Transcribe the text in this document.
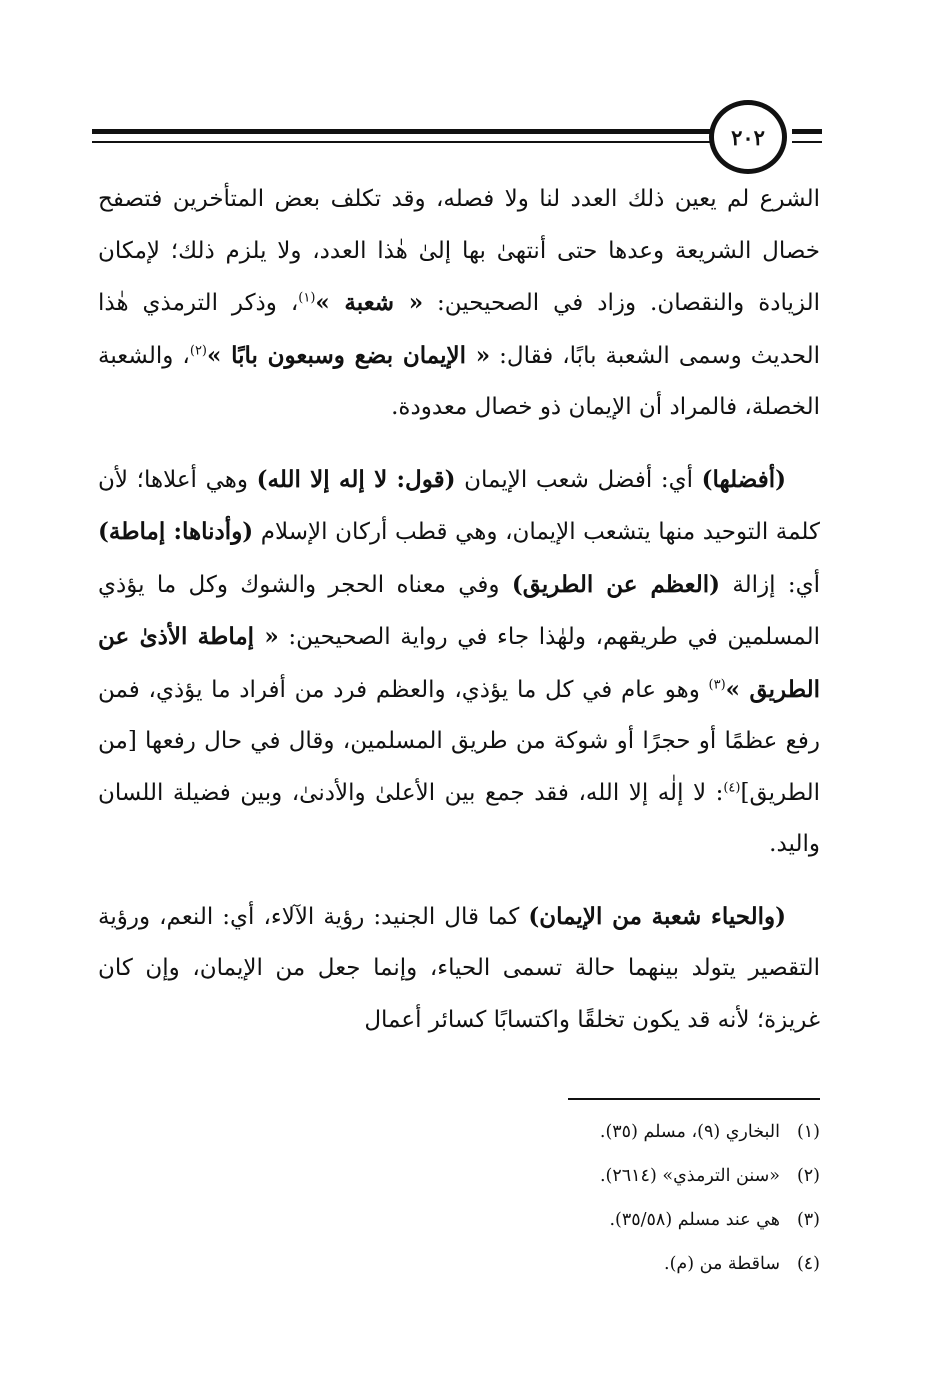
٢٠٢

الشرع لم يعين ذلك العدد لنا ولا فصله، وقد تكلف بعض المتأخرين فتصفح خصال الشريعة وعدها حتى أنتهىٰ بها إلىٰ هٰذا العدد، ولا يلزم ذلك؛ لإمكان الزيادة والنقصان. وزاد في الصحيحين: « شعبة »$^{(١)}$، وذكر الترمذي هٰذا الحديث وسمى الشعبة بابًا، فقال: « الإيمان بضع وسبعون بابًا »$^{(٢)}$، والشعبة الخصلة، فالمراد أن الإيمان ذو خصال معدودة.

(أفضلها) أي: أفضل شعب الإيمان (قول: لا إله إلا الله) وهي أعلاها؛ لأن كلمة التوحيد منها يتشعب الإيمان، وهي قطب أركان الإسلام (وأدناها: إماطة) أي: إزالة (العظم عن الطريق) وفي معناه الحجر والشوك وكل ما يؤذي المسلمين في طريقهم، ولهٰذا جاء في رواية الصحيحين: « إماطة الأذىٰ عن الطريق »$^{(٣)}$ وهو عام في كل ما يؤذي، والعظم فرد من أفراد ما يؤذي، فمن رفع عظمًا أو حجرًا أو شوكة من طريق المسلمين، وقال في حال رفعها [من الطريق]$^{(٤)}$: لا إلٰه إلا الله، فقد جمع بين الأعلىٰ والأدنىٰ، وبين فضيلة اللسان واليد.

(والحياء شعبة من الإيمان) كما قال الجنيد: رؤية الآلاء، أي: النعم، ورؤية التقصير يتولد بينهما حالة تسمى الحياء، وإنما جعل من الإيمان، وإن كان غريزة؛ لأنه قد يكون تخلقًا واكتسابًا كسائر أعمال

(١)
البخاري (٩)، مسلم (٣٥).
(٢)
«سنن الترمذي» (٢٦١٤).
(٣)
هي عند مسلم (٣٥/٥٨).
(٤)
ساقطة من (م).
